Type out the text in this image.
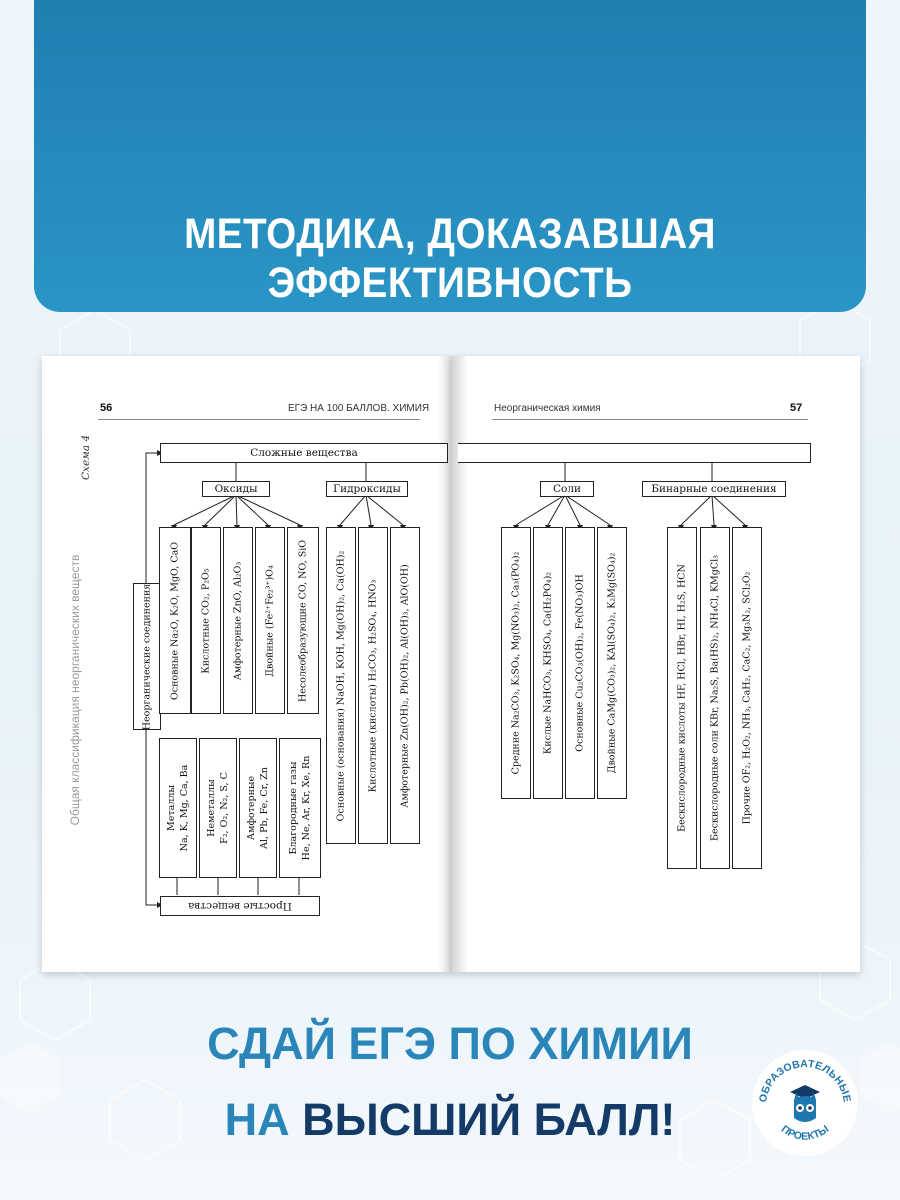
МЕТОДИКА, ДОКАЗАВШАЯ ЭФФЕКТИВНОСТЬ
56	ЕГЭ НА 100 БАЛЛОВ. ХИМИЯ	Неорганическая химия	57
Схема 4
Общая классификация неорганических веществ
Сложные вещества
Оксиды	Гидроксиды	Соли	Бинарные соединения
Неорганические соединения Основные Na₂O, K₂O, MgO, CaO Кислотные CO₂, P₂O₅ Амфотерные ZnO, Al₂O₃ Двойные (Fe²⁺Fe₂³⁺)O₄ Несолеобразующие CO, NO, SiO	Основные (основания) NaOH, KOH, Mg(OH)₂, Ca(OH)₂ Кислотные (кислоты) H₂CO₃, H₂SO₄, HNO₃ Амфотерные Zn(OH)₂, Pb(OH)₂, Al(OH)₃, AlO(OH)
Металлы Na, K, Mg, Ca, Ba Неметаллы F₂, O₂, N₂, S, C Амфотерные Al, Pb, Fe, Cr, Zn Благородные газы He, Ne, Ar, Kr, Xe, Rn
Простые вещества
Средние Na₂CO₃, K₂SO₄, Mg(NO₃)₂, Ca₃(PO₄)₂ Кислые NaHCO₃, KHSO₄, Ca(H₂PO₄)₂ Основные Cu₂CO₃(OH)₂, Fe(NO₃)OH Двойные CaMg(CO₃)₂, KAl(SO₄)₂, K₂Mg(SO₄)₂	Бескислородные кислоты HF, HCl, HBr, HI, H₂S, HCN Бескислородные соли KBr, Na₂S, Ba(HS)₂, NH₄Cl, KMgCl₃ Прочие OF₂, H₂O₂, NH₃, CaH₂, CaC₂, Mg₃N₂, SCl₂O₂
СДАЙ ЕГЭ ПО ХИМИИ
НА ВЫСШИЙ БАЛЛ!	ОБРАЗОВАТЕЛЬНЫЕ
ПРОЕКТЫ
